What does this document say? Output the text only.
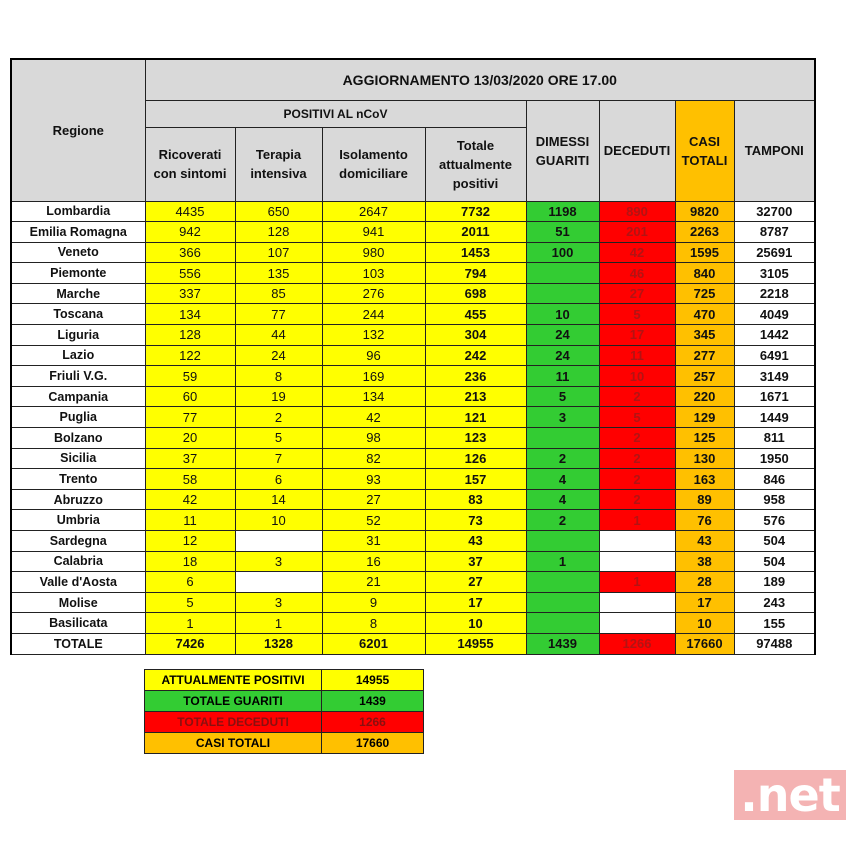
Regione	AGGIORNAMENTO 13/03/2020 ORE 17.00							
	POSITIVI AL nCoV				DIMESSI GUARITI	DECEDUTI	CASI TOTALI	TAMPONI
	Ricoverati con sintomi	Terapia intensiva	Isolamento domiciliare	Totale attualmente positivi				
Lombardia	4435	650	2647	7732	1198	890	9820	32700
Emilia Romagna	942	128	941	2011	51	201	2263	8787
Veneto	366	107	980	1453	100	42	1595	25691
Piemonte	556	135	103	794		46	840	3105
Marche	337	85	276	698		27	725	2218
Toscana	134	77	244	455	10	5	470	4049
Liguria	128	44	132	304	24	17	345	1442
Lazio	122	24	96	242	24	11	277	6491
Friuli V.G.	59	8	169	236	11	10	257	3149
Campania	60	19	134	213	5	2	220	1671
Puglia	77	2	42	121	3	5	129	1449
Bolzano	20	5	98	123		2	125	811
Sicilia	37	7	82	126	2	2	130	1950
Trento	58	6	93	157	4	2	163	846
Abruzzo	42	14	27	83	4	2	89	958
Umbria	11	10	52	73	2	1	76	576
Sardegna	12		31	43			43	504
Calabria	18	3	16	37	1		38	504
Valle d'Aosta	6		21	27		1	28	189
Molise	5	3	9	17			17	243
Basilicata	1	1	8	10			10	155
TOTALE	7426	1328	6201	14955	1439	1266	17660	97488
ATTUALMENTE POSITIVI	14955
TOTALE GUARITI	1439
TOTALE DECEDUTI	1266
CASI TOTALI	17660
.net
